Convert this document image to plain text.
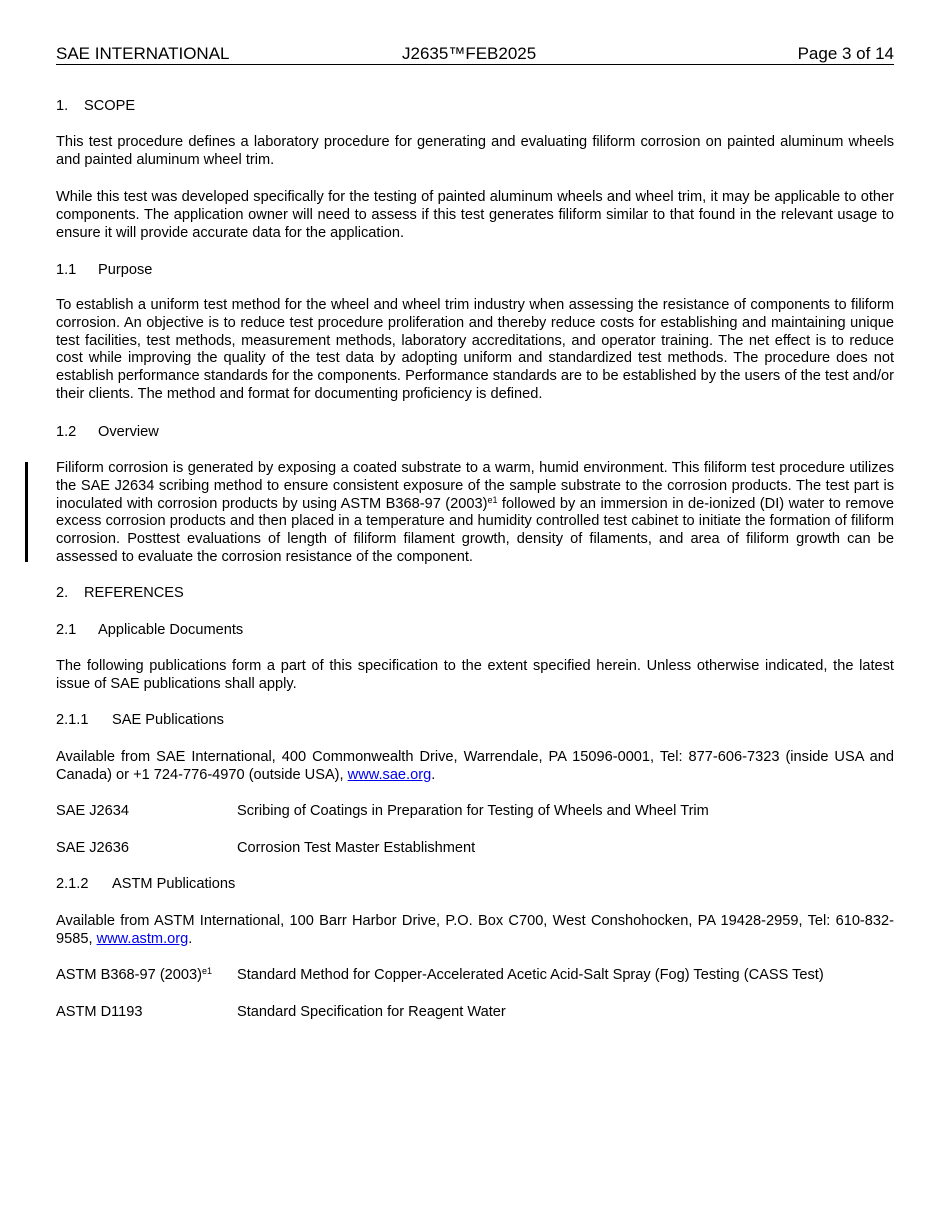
SAE INTERNATIONAL	J2635™FEB2025	Page 3 of 14
1. SCOPE

This test procedure defines a laboratory procedure for generating and evaluating filiform corrosion on painted aluminum wheels and painted aluminum wheel trim.

While this test was developed specifically for the testing of painted aluminum wheels and wheel trim, it may be applicable to other components. The application owner will need to assess if this test generates filiform similar to that found in the relevant usage to ensure it will provide accurate data for the application.

1.1 Purpose

To establish a uniform test method for the wheel and wheel trim industry when assessing the resistance of components to filiform corrosion. An objective is to reduce test procedure proliferation and thereby reduce costs for establishing and maintaining unique test facilities, test methods, measurement methods, laboratory accreditations, and operator training. The net effect is to reduce cost while improving the quality of the test data by adopting uniform and standardized test methods. The procedure does not establish performance standards for the components. Performance standards are to be established by the users of the test and/or their clients. The method and format for documenting proficiency is defined.

1.2 Overview

Filiform corrosion is generated by exposing a coated substrate to a warm, humid environment. This filiform test procedure utilizes the SAE J2634 scribing method to ensure consistent exposure of the sample substrate to the corrosion products. The test part is inoculated with corrosion products by using ASTM B368-97 $(2003)^{e1}$ followed by an immersion in de-ionized (DI) water to remove excess corrosion products and then placed in a temperature and humidity controlled test cabinet to initiate the formation of filiform corrosion. Posttest evaluations of length of filiform filament growth, density of filaments, and area of filiform growth can be assessed to evaluate the corrosion resistance of the component.

2. REFERENCES
2.1 Applicable Documents

The following publications form a part of this specification to the extent specified herein. Unless otherwise indicated, the latest issue of SAE publications shall apply.

2.1.1 SAE Publications

Available from SAE International, 400 Commonwealth Drive, Warrendale, PA 15096-0001, Tel: 877-606-7323 (inside USA and Canada) or +1 724-776-4970 (outside USA), www.sae.org.

SAE J2634	Scribing of Coatings in Preparation for Testing of Wheels and Wheel Trim
SAE J2636	Corrosion Test Master Establishment
2.1.2 ASTM Publications

Available from ASTM International, 100 Barr Harbor Drive, P.O. Box C700, West Conshohocken, PA 19428-2959, Tel: 610-832-9585, www.astm.org.

ASTM B368-97 $(2003)^{e1}$ Standard Method for Copper-Accelerated Acetic Acid-Salt Spray (Fog) Testing (CASS Test)
ASTM D1193	Standard Specification for Reagent Water
